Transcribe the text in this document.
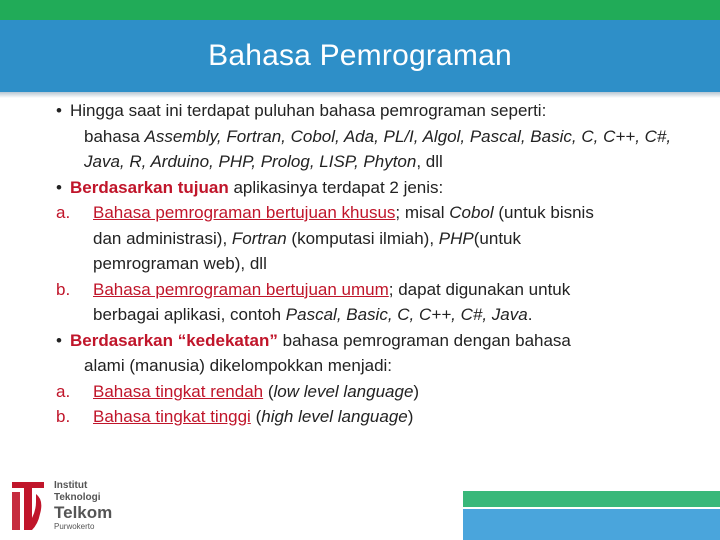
Bahasa Pemrograman
• Hingga saat ini terdapat puluhan bahasa pemrograman seperti:
bahasa Assembly, Fortran, Cobol, Ada, PL/I, Algol, Pascal, Basic, C, C++, C#, Java, R, Arduino, PHP, Prolog, LISP, Phyton, dll
• Berdasarkan tujuan aplikasinya terdapat 2 jenis:
a. Bahasa pemrograman bertujuan khusus; misal Cobol (untuk bisnis
dan administrasi), Fortran (komputasi ilmiah), PHP(untuk
pemrograman web), dll
b. Bahasa pemrograman bertujuan umum; dapat digunakan untuk
berbagai aplikasi, contoh Pascal, Basic, C, C++, C#, Java.
• Berdasarkan “kedekatan” bahasa pemrograman dengan bahasa
alami (manusia) dikelompokkan menjadi:
a. Bahasa tingkat rendah (low level language)
b. Bahasa tingkat tinggi (high level language)
Institut
Teknologi
Telkom
Purwokerto
